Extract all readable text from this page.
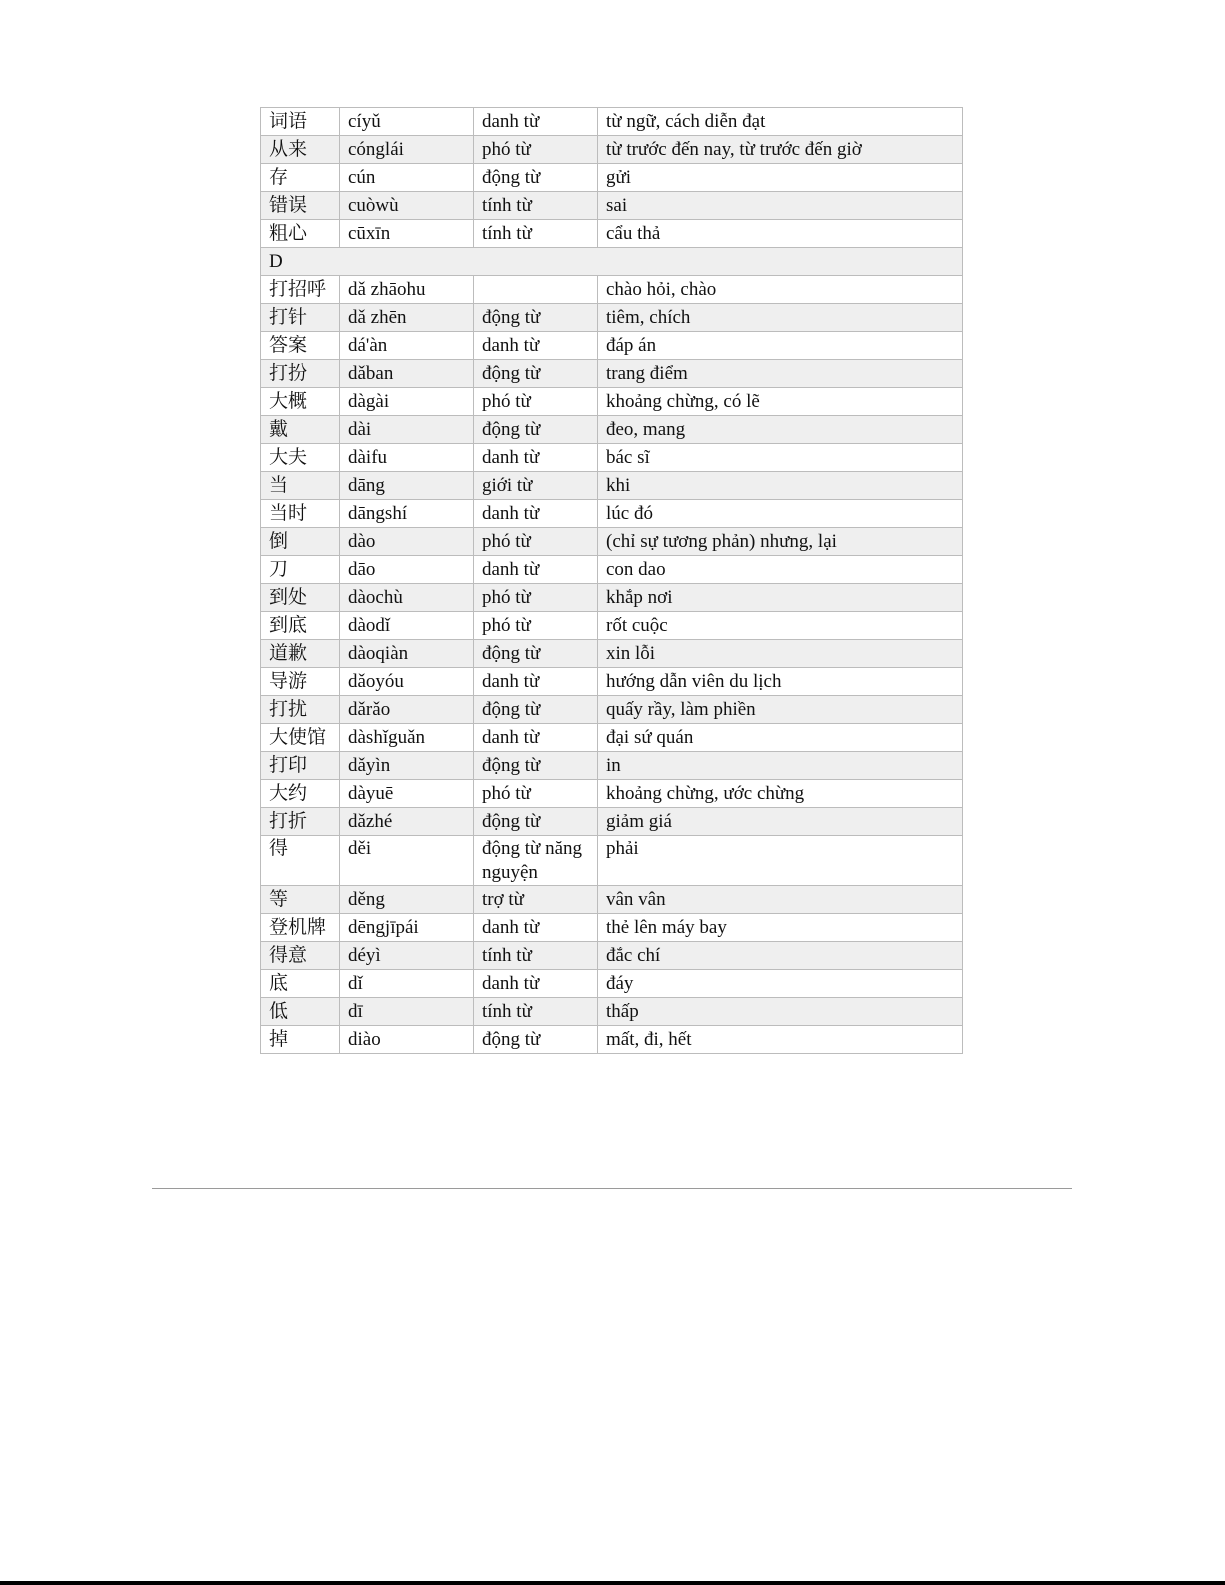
词语	cíyǔ	danh từ	từ ngữ, cách diễn đạt
从来	cónglái	phó từ	từ trước đến nay, từ trước đến giờ
存	cún	động từ	gửi
错误	cuòwù	tính từ	sai
粗心	cūxīn	tính từ	cẩu thả
D			
打招呼	dǎ zhāohu		chào hỏi, chào
打针	dǎ zhēn	động từ	tiêm, chích
答案	dá'àn	danh từ	đáp án
打扮	dǎban	động từ	trang điểm
大概	dàgài	phó từ	khoảng chừng, có lẽ
戴	dài	động từ	đeo, mang
大夫	dàifu	danh từ	bác sĩ
当	dāng	giới từ	khi
当时	dāngshí	danh từ	lúc đó
倒	dào	phó từ	(chỉ sự tương phản) nhưng, lại
刀	dāo	danh từ	con dao
到处	dàochù	phó từ	khắp nơi
到底	dàodǐ	phó từ	rốt cuộc
道歉	dàoqiàn	động từ	xin lỗi
导游	dǎoyóu	danh từ	hướng dẫn viên du lịch
打扰	dǎrǎo	động từ	quấy rầy, làm phiền
大使馆	dàshǐguǎn	danh từ	đại sứ quán
打印	dǎyìn	động từ	in
大约	dàyuē	phó từ	khoảng chừng, ước chừng
打折	dǎzhé	động từ	giảm giá
得	děi	động từ năng nguyện	phải
等	děng	trợ từ	vân vân
登机牌	dēngjīpái	danh từ	thẻ lên máy bay
得意	déyì	tính từ	đắc chí
底	dǐ	danh từ	đáy
低	dī	tính từ	thấp
掉	diào	động từ	mất, đi, hết
